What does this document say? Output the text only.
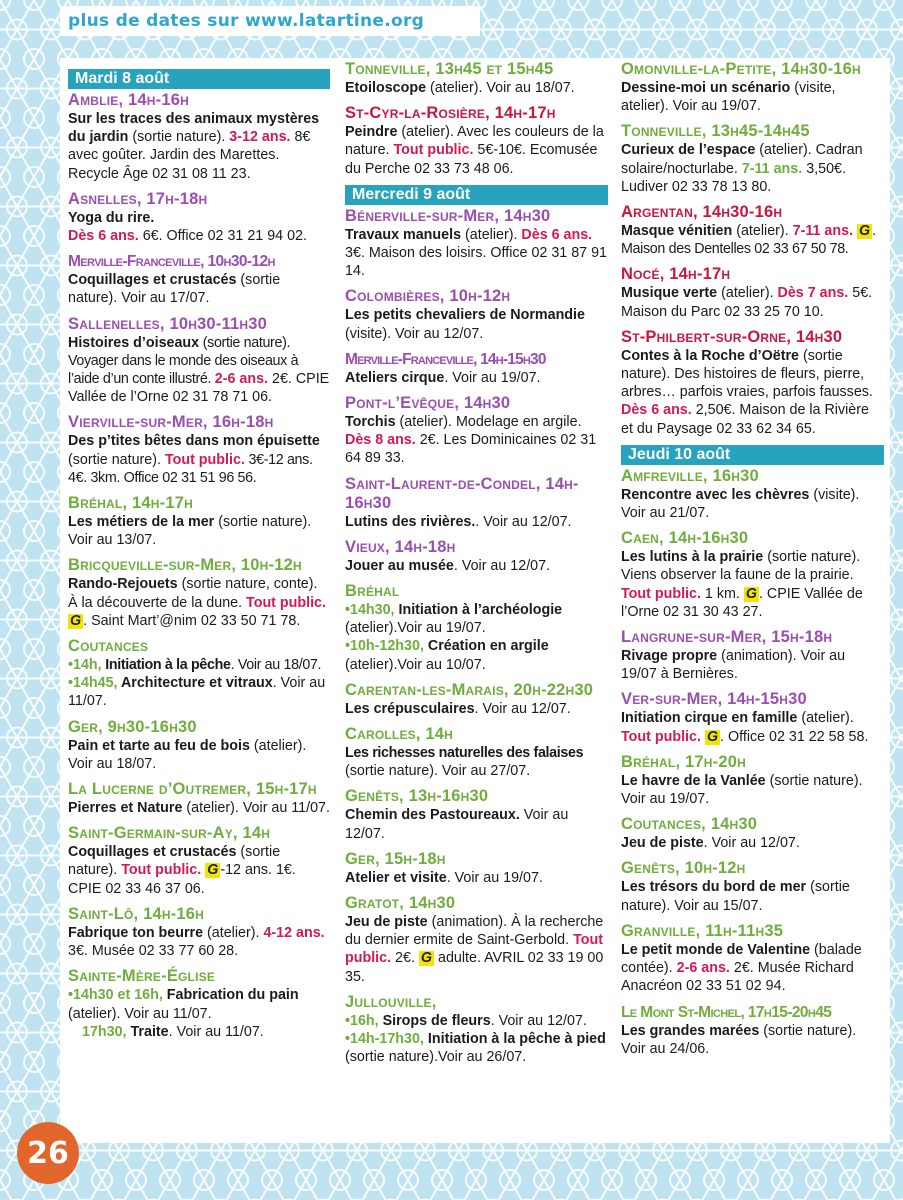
plus de dates sur www.latartine.org
Mardi 8 août
Amblie, 14h-16h
Sur les traces des animaux mystères du jardin (sortie nature). 3-12 ans. 8€ avec goûter. Jardin des Marettes. Recycle Âge 02 31 08 11 23.
Asnelles, 17h-18h
Yoga du rire.
Dès 6 ans. 6€. Office 02 31 21 94 02.
Merville-Franceville, 10h30-12h
Coquillages et crustacés (sortie nature). Voir au 17/07.
Sallenelles, 10h30-11h30
Histoires d’oiseaux (sortie nature). Voyager dans le monde des oiseaux à l’aide d’un conte illustré. 2-6 ans. 2€. CPIE Vallée de l’Orne 02 31 78 71 06.
Vierville-sur-Mer, 16h-18h
Des p’tites bêtes dans mon épuisette (sortie nature). Tout public. 3€-12 ans. 4€. 3km. Office 02 31 51 96 56.
Bréhal, 14h-17h
Les métiers de la mer (sortie nature). Voir au 13/07.
Bricqueville-sur-Mer, 10h-12h
Rando-Rejouets (sortie nature, conte). À la découverte de la dune. Tout public. G . Saint Mart’@nim 02 33 50 71 78.
Coutances
•14h, Initiation à la pêche. Voir au 18/07.
•14h45, Architecture et vitraux. Voir au 11/07.
Ger, 9h30-16h30
Pain et tarte au feu de bois (atelier). Voir au 18/07.
La Lucerne d’Outremer, 15h-17h
Pierres et Nature (atelier). Voir au 11/07.
Saint-Germain-sur-Ay, 14h
Coquillages et crustacés (sortie nature). Tout public. G -12 ans. 1€. CPIE 02 33 46 37 06.
Saint-Lô, 14h-16h
Fabrique ton beurre (atelier). 4-12 ans. 3€. Musée 02 33 77 60 28.
Sainte-Mère-Église
•14h30 et 16h, Fabrication du pain (atelier). Voir au 11/07.
17h30, Traite. Voir au 11/07.
Tonneville, 13h45 et 15h45
Etoiloscope (atelier). Voir au 18/07.
St-Cyr-la-Rosière, 14h-17h
Peindre (atelier). Avec les couleurs de la nature. Tout public. 5€-10€. Ecomusée du Perche 02 33 73 48 06.
Mercredi 9 août
Bénerville-sur-Mer, 14h30
Travaux manuels (atelier). Dès 6 ans. 3€. Maison des loisirs. Office 02 31 87 91 14.
Colombières, 10h-12h
Les petits chevaliers de Normandie (visite). Voir au 12/07.
Merville-Franceville, 14h-15h30
Ateliers cirque. Voir au 19/07.
Pont-l’Evêque, 14h30
Torchis (atelier). Modelage en argile. Dès 8 ans. 2€. Les Dominicaines 02 31 64 89 33.
Saint-Laurent-de-Condel, 14h-16h30
Lutins des rivières.. Voir au 12/07.
Vieux, 14h-18h
Jouer au musée. Voir au 12/07.
Bréhal
•14h30, Initiation à l’archéologie (atelier).Voir au 19/07.
•10h-12h30, Création en argile (atelier).Voir au 10/07.
Carentan-les-Marais, 20h-22h30
Les crépusculaires. Voir au 12/07.
Carolles, 14h
Les richesses naturelles des falaises (sortie nature). Voir au 27/07.
Genêts, 13h-16h30
Chemin des Pastoureaux. Voir au 12/07.
Ger, 15h-18h
Atelier et visite. Voir au 19/07.
Gratot, 14h30
Jeu de piste (animation). À la recherche du dernier ermite de Saint-Gerbold. Tout public. 2€. G adulte. AVRIL 02 33 19 00 35.
Jullouville,
•16h, Sirops de fleurs. Voir au 12/07.
•14h-17h30, Initiation à la pêche à pied (sortie nature).Voir au 26/07.
Omonville-la-Petite, 14h30-16h
Dessine-moi un scénario (visite, atelier). Voir au 19/07.
Tonneville, 13h45-14h45
Curieux de l’espace (atelier). Cadran solaire/nocturlabe. 7-11 ans. 3,50€. Ludiver 02 33 78 13 80.
Argentan, 14h30-16h
Masque vénitien (atelier). 7-11 ans. G . Maison des Dentelles 02 33 67 50 78.
Nocé, 14h-17h
Musique verte (atelier). Dès 7 ans. 5€. Maison du Parc 02 33 25 70 10.
St-Philbert-sur-Orne, 14h30
Contes à la Roche d’Oëtre (sortie nature). Des histoires de fleurs, pierre, arbres… parfois vraies, parfois fausses. Dès 6 ans. 2,50€. Maison de la Rivière et du Paysage 02 33 62 34 65.
Jeudi 10 août
Amfreville, 16h30
Rencontre avec les chèvres (visite). Voir au 21/07.
Caen, 14h-16h30
Les lutins à la prairie (sortie nature). Viens observer la faune de la prairie. Tout public. 1 km. G . CPIE Vallée de l’Orne 02 31 30 43 27.
Langrune-sur-Mer, 15h-18h
Rivage propre (animation). Voir au 19/07 à Bernières.
Ver-sur-Mer, 14h-15h30
Initiation cirque en famille (atelier). Tout public. G . Office 02 31 22 58 58.
Bréhal, 17h-20h
Le havre de la Vanlée (sortie nature). Voir au 19/07.
Coutances, 14h30
Jeu de piste. Voir au 12/07.
Genêts, 10h-12h
Les trésors du bord de mer (sortie nature). Voir au 15/07.
Granville, 11h-11h35
Le petit monde de Valentine (balade contée). 2-6 ans. 2€. Musée Richard Anacréon 02 33 51 02 94.
Le Mont St-Michel, 17h15-20h45
Les grandes marées (sortie nature). Voir au 24/06.
26
